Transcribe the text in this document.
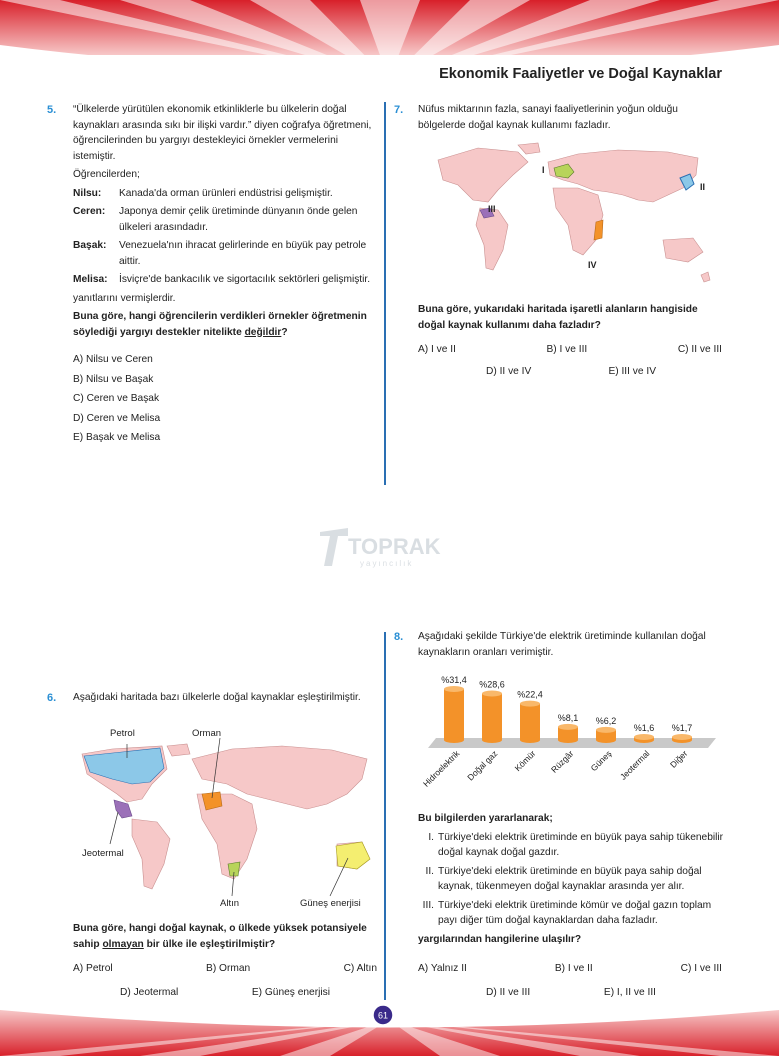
Ekonomik Faaliyetler ve Doğal Kaynaklar
61
TOPRAK
yayıncılık
5. “Ülkelerde yürütülen ekonomik etkinliklerle bu ülkelerin doğal kaynakları arasında sıkı bir ilişki vardır.” diyen coğrafya öğretmeni, öğrencilerinden bu yargıyı destekleyici örnekler vermelerini istemiştir.

Öğrencilerden;

Nilsu:	Kanada'da orman ürünleri endüstrisi gelişmiştir.
Ceren:	Japonya demir çelik üretiminde dünyanın önde gelen ülkeleri arasındadır.
Başak:	Venezuela'nın ihracat gelirlerinde en büyük pay petrole aittir.
Melisa:	İsviçre'de bankacılık ve sigortacılık sektörleri gelişmiştir.

yanıtlarını vermişlerdir.

Buna göre, hangi öğrencilerin verdikleri örnekler öğretmenin söylediği yargıyı destekler nitelikte değildir?

A) Nilsu ve Ceren
B) Nilsu ve Başak
C) Ceren ve Başak
D) Ceren ve Melisa
E) Başak ve Melisa
7. Nüfus miktarının fazla, sanayi faaliyetlerinin yoğun olduğu bölgelerde doğal kaynak kullanımı fazladır.
I
II
III
IV
Buna göre, yukarıdaki haritada işaretli alanların hangiside doğal kaynak kullanımı daha fazladır?
A) I ve II	B) I ve III	C) II ve III
D) II ve IV	E) III ve IV
6. Aşağıdaki haritada bazı ülkelerle doğal kaynaklar eşleştirilmiştir.
Petrol	Orman
Jeotermal
Altın	Güneş enerjisi
Buna göre, hangi doğal kaynak, o ülkede yüksek potansiyele sahip olmayan bir ülke ile eşleştirilmiştir?
A) Petrol	B) Orman	C) Altın
D) Jeotermal	E) Güneş enerjisi
8. Aşağıdaki şekilde Türkiye'de elektrik üretiminde kullanılan doğal kaynakların oranları verimiştir.
%31,4
Hidroelektrik
%28,6
Doğal gaz
%22,4
Kömür
%8,1
Rüzgâr
%6,2
Güneş
%1,6
Jeotermal
%1,7
Diğer

Bu bilgilerden yararlanarak;

I. Türkiye'deki elektrik üretiminde en büyük paya sahip tükenebilir doğal kaynak doğal gazdır.
II. Türkiye'deki elektrik üretiminde en büyük paya sahip doğal kaynak, tükenmeyen doğal kaynaklar arasında yer alır.
III. Türkiye'deki elektrik üretiminde kömür ve doğal gazın toplam payı diğer tüm doğal kaynaklardan daha fazladır.

yargılarından hangilerine ulaşılır?

A) Yalnız II	B) I ve II	C) I ve III
D) II ve III	E) I, II ve III
